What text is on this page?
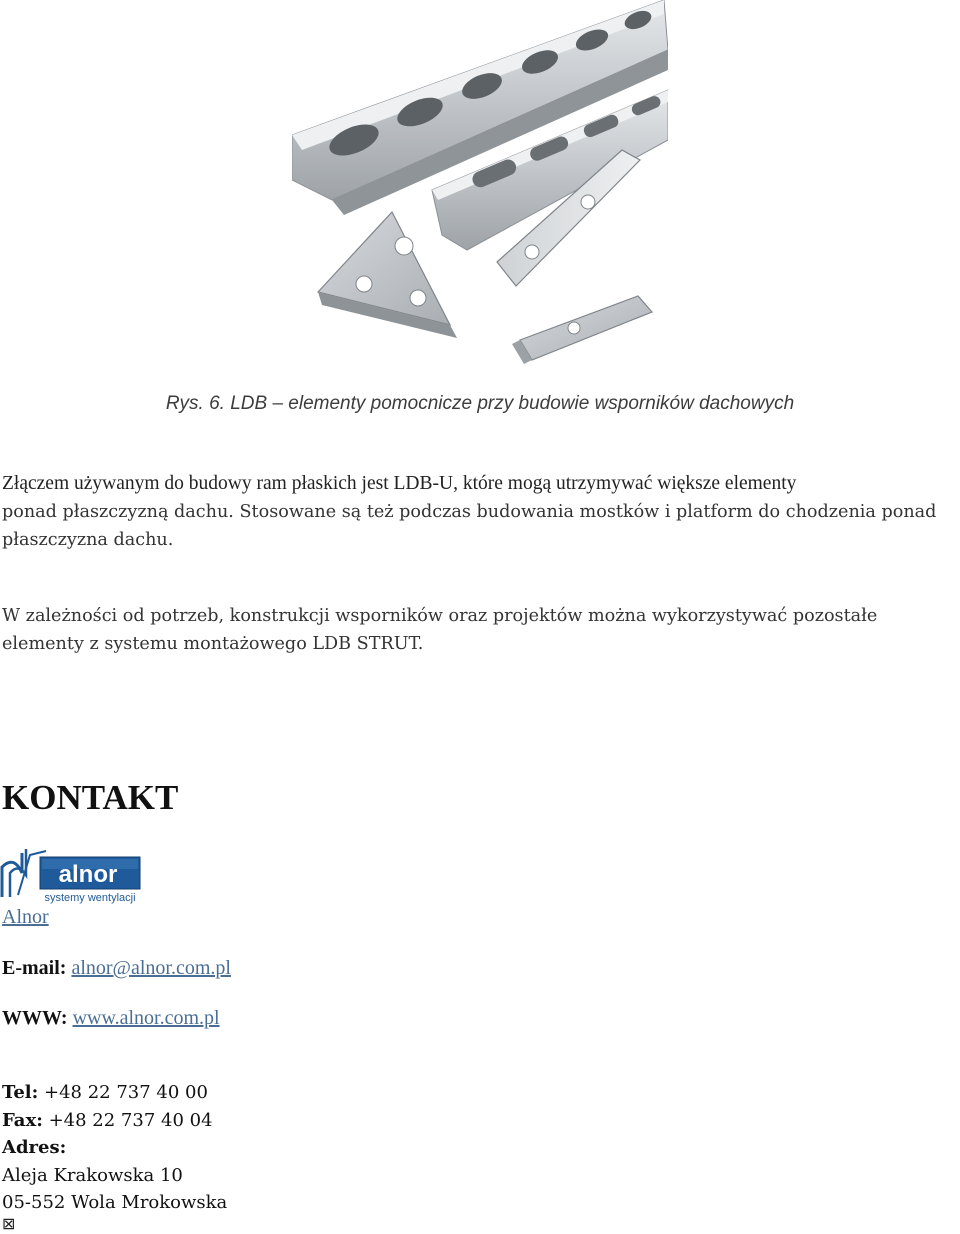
Rys. 6. LDB – elementy pomocnicze przy budowie wsporników dachowych
Złączem używanym do budowy ram płaskich jest LDB-U, które mogą utrzymywać większe elementy
ponad płaszczyzną dachu. Stosowane są też podczas budowania mostków i platform do chodzenia ponad płaszczyzna dachu.
W zależności od potrzeb, konstrukcji wsporników oraz projektów można wykorzystywać pozostałe elementy z systemu montażowego LDB STRUT.
KONTAKT
alnor
systemy wentylacji
Alnor
E-mail: alnor@alnor.com.pl
WWW: www.alnor.com.pl
Tel: +48 22 737 40 00
Fax: +48 22 737 40 04
Adres:
Aleja Krakowska 10
05-552 Wola Mrokowska
⊠
